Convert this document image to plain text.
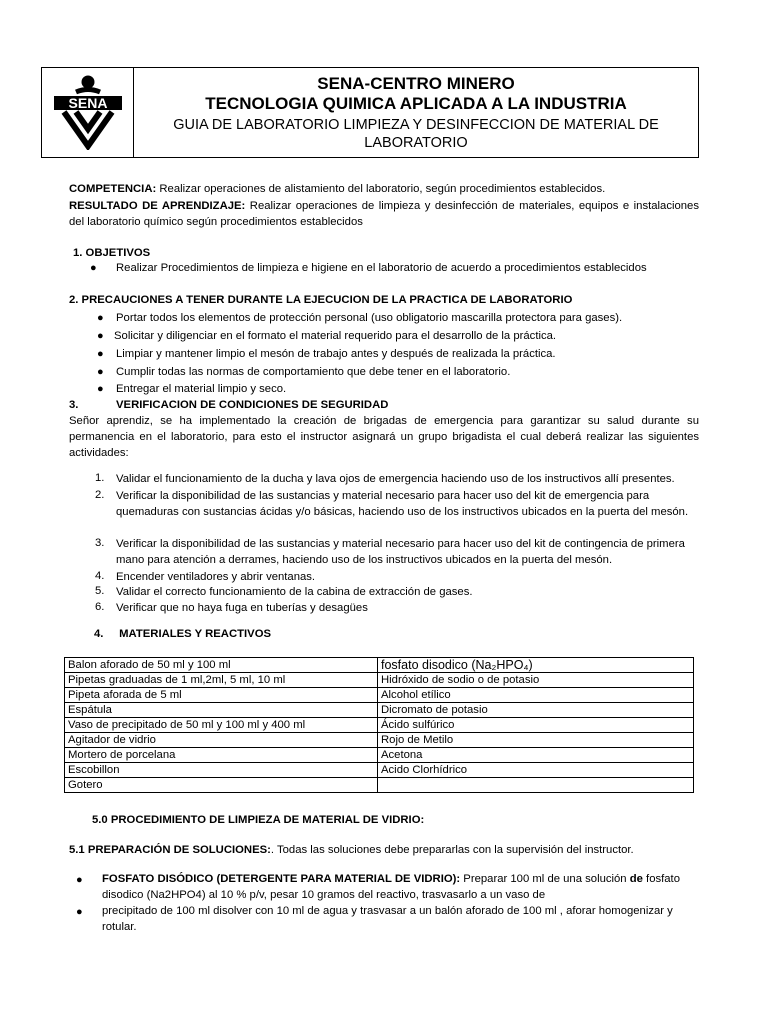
SENA
SENA-CENTRO MINERO
TECNOLOGIA QUIMICA APLICADA A LA INDUSTRIA
GUIA DE LABORATORIO LIMPIEZA Y DESINFECCION DE MATERIAL DE LABORATORIO
COMPETENCIA: Realizar operaciones de alistamiento del laboratorio, según procedimientos establecidos.
RESULTADO DE APRENDIZAJE: Realizar operaciones de limpieza y desinfección de materiales, equipos e instalaciones del laboratorio químico según procedimientos establecidos
1. OBJETIVOS
● Realizar Procedimientos de limpieza e higiene en el laboratorio de acuerdo a procedimientos establecidos
2. PRECAUCIONES A TENER DURANTE LA EJECUCION DE LA PRACTICA DE LABORATORIO
● Portar todos los elementos de protección personal (uso obligatorio mascarilla protectora para gases).
● Solicitar y diligenciar en el formato el material requerido para el desarrollo de la práctica.
● Limpiar y mantener limpio el mesón de trabajo antes y después de realizada la práctica.
● Cumplir todas las normas de comportamiento que debe tener en el laboratorio.
● Entregar el material limpio y seco.
3.	VERIFICACION DE CONDICIONES DE SEGURIDAD
Señor aprendiz, se ha implementado la creación de brigadas de emergencia para garantizar su salud durante su permanencia en el laboratorio, para esto el instructor asignará un grupo brigadista el cual deberá realizar las siguientes actividades:
1. Validar el funcionamiento de la ducha y lava ojos de emergencia haciendo uso de los instructivos allí presentes.
2. Verificar la disponibilidad de las sustancias y material necesario para hacer uso del kit de emergencia para quemaduras con sustancias ácidas y/o básicas, haciendo uso de los instructivos ubicados en la puerta del mesón.
3. Verificar la disponibilidad de las sustancias y material necesario para hacer uso del kit de contingencia de primera mano para atención a derrames, haciendo uso de los instructivos ubicados en la puerta del mesón.
4. Encender ventiladores y abrir ventanas.
5. Validar el correcto funcionamiento de la cabina de extracción de gases.
6. Verificar que no haya fuga en tuberías y desagües
4.     MATERIALES Y REACTIVOS
Balon aforado de 50 ml y 100 ml	fosfato disodico (Na₂HPO₄)
Pipetas graduadas de 1 ml,2ml, 5 ml, 10 ml	Hidróxido de sodio o de potasio
Pipeta aforada de 5 ml	Alcohol etílico
Espátula	Dicromato de potasio
Vaso de precipitado de 50 ml y 100 ml y 400 ml	Ácido sulfúrico
Agitador de vidrio	Rojo de Metilo
Mortero de porcelana	Acetona
Escobillon	Acido Clorhídrico
Gotero	
5.0 PROCEDIMIENTO DE LIMPIEZA DE MATERIAL DE VIDRIO:
5.1 PREPARACIÓN DE SOLUCIONES:. Todas las soluciones debe prepararlas con la supervisión del instructor.
● FOSFATO DISÓDICO (DETERGENTE PARA MATERIAL DE VIDRIO): Preparar 100 ml de una solución de fosfato disodico (Na2HPO4) al 10 % p/v, pesar 10 gramos del reactivo, trasvasarlo a un vaso de
● precipitado de 100 ml disolver con 10 ml de agua y trasvasar a un balón aforado de 100 ml , aforar homogenizar y rotular.
